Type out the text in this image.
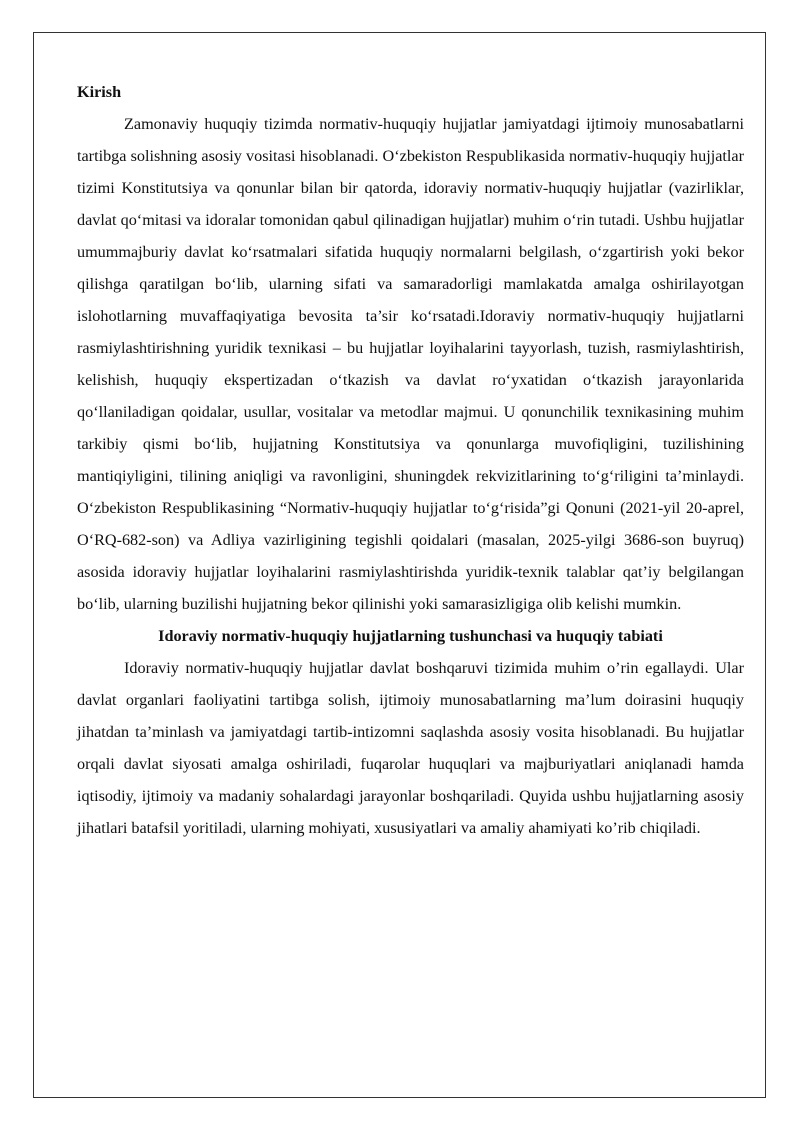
Kirish

Zamonaviy huquqiy tizimda normativ-huquqiy hujjatlar jamiyatdagi ijtimoiy munosabatlarni tartibga solishning asosiy vositasi hisoblanadi. O‘zbekiston Respublikasida normativ-huquqiy hujjatlar tizimi Konstitutsiya va qonunlar bilan bir qatorda, idoraviy normativ-huquqiy hujjatlar (vazirliklar, davlat qo‘mitasi va idoralar tomonidan qabul qilinadigan hujjatlar) muhim o‘rin tutadi. Ushbu hujjatlar umummajburiy davlat ko‘rsatmalari sifatida huquqiy normalarni belgilash, o‘zgartirish yoki bekor qilishga qaratilgan bo‘lib, ularning sifati va samaradorligi mamlakatda amalga oshirilayotgan islohotlarning muvaffaqiyatiga bevosita ta’sir ko‘rsatadi.Idoraviy normativ-huquqiy hujjatlarni rasmiylashtirishning yuridik texnikasi – bu hujjatlar loyihalarini tayyorlash, tuzish, rasmiylashtirish, kelishish, huquqiy ekspertizadan o‘tkazish va davlat ro‘yxatidan o‘tkazish jarayonlarida qo‘llaniladigan qoidalar, usullar, vositalar va metodlar majmui. U qonunchilik texnikasining muhim tarkibiy qismi bo‘lib, hujjatning Konstitutsiya va qonunlarga muvofiqligini, tuzilishining mantiqiyligini, tilining aniqligi va ravonligini, shuningdek rekvizitlarining to‘g‘riligini ta’minlaydi. O‘zbekiston Respublikasining “Normativ-huquqiy hujjatlar to‘g‘risida”gi Qonuni (2021-yil 20-aprel, O‘RQ-682-son) va Adliya vazirligining tegishli qoidalari (masalan, 2025-yilgi 3686-son buyruq) asosida idoraviy hujjatlar loyihalarini rasmiylashtirishda yuridik-texnik talablar qat’iy belgilangan bo‘lib, ularning buzilishi hujjatning bekor qilinishi yoki samarasizligiga olib kelishi mumkin.

Idoraviy normativ-huquqiy hujjatlarning tushunchasi va huquqiy tabiati

Idoraviy normativ-huquqiy hujjatlar davlat boshqaruvi tizimida muhim o’rin egallaydi. Ular davlat organlari faoliyatini tartibga solish, ijtimoiy munosabatlarning ma’lum doirasini huquqiy jihatdan ta’minlash va jamiyatdagi tartib-intizomni saqlashda asosiy vosita hisoblanadi. Bu hujjatlar orqali davlat siyosati amalga oshiriladi, fuqarolar huquqlari va majburiyatlari aniqlanadi hamda iqtisodiy, ijtimoiy va madaniy sohalardagi jarayonlar boshqariladi. Quyida ushbu hujjatlarning asosiy jihatlari batafsil yoritiladi, ularning mohiyati, xususiyatlari va amaliy ahamiyati ko’rib chiqiladi.
